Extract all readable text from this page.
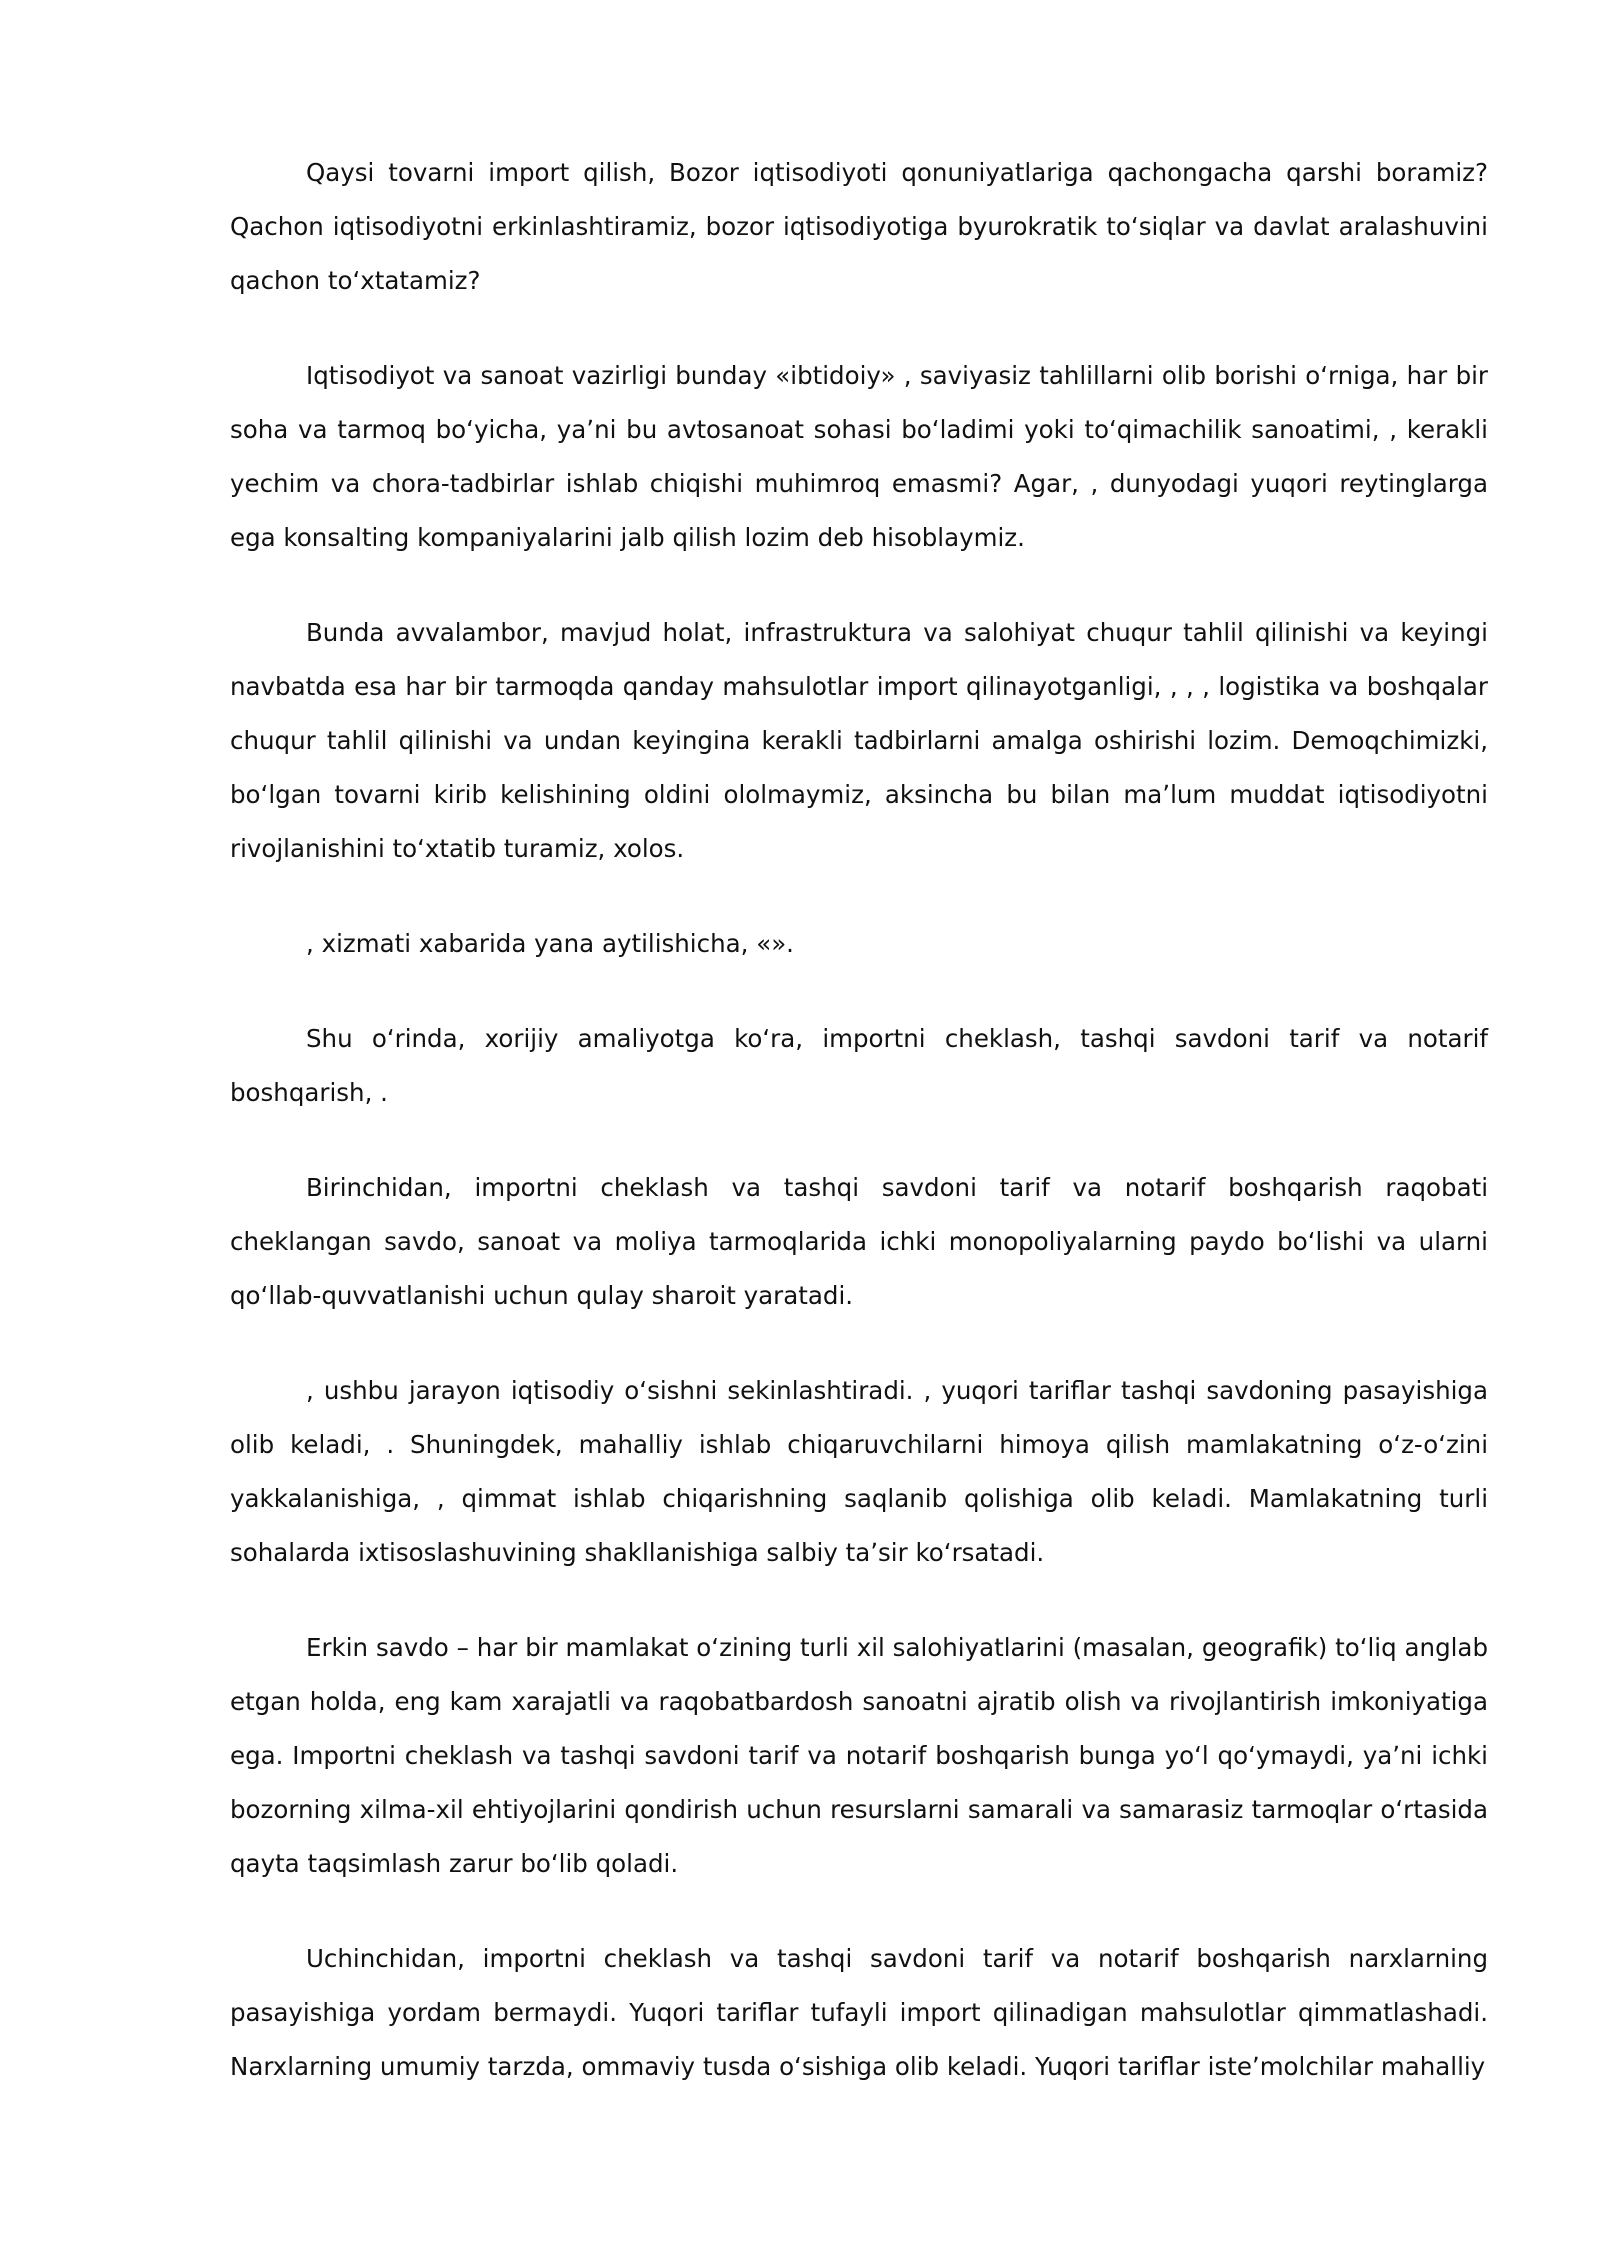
Qaysi tovarni import qilish, Bozor iqtisodiyoti qonuniyatlariga qachongacha qarshi boramiz? Qachon iqtisodiyotni erkinlashtiramiz, bozor iqtisodiyotiga byurokratik toʻsiqlar va davlat aralashuvini qachon toʻxtatamiz?

Iqtisodiyot va sanoat vazirligi bunday «ibtidoiy» , saviyasiz tahlillarni olib borishi oʻrniga, har bir soha va tarmoq boʻyicha, yaʼni bu avtosanoat sohasi boʻladimi yoki toʻqimachilik sanoatimi, , kerakli yechim va chora-tadbirlar ishlab chiqishi muhimroq emasmi? Agar, , dunyodagi yuqori reytinglarga ega konsalting kompaniyalarini jalb qilish lozim deb hisoblaymiz.

Bunda avvalambor, mavjud holat, infrastruktura va salohiyat chuqur tahlil qilinishi va keyingi navbatda esa har bir tarmoqda qanday mahsulotlar import qilinayotganligi, , , , logistika va boshqalar chuqur tahlil qilinishi va undan keyingina kerakli tadbirlarni amalga oshirishi lozim. Demoqchimizki, boʻlgan tovarni kirib kelishining oldini ololmaymiz, aksincha bu bilan maʼlum muddat iqtisodiyotni rivojlanishini toʻxtatib turamiz, xolos.

, xizmati xabarida yana aytilishicha, «».

Shu oʻrinda, xorijiy amaliyotga koʻra, importni cheklash, tashqi savdoni tarif va notarif boshqarish, .

Birinchidan, importni cheklash va tashqi savdoni tarif va notarif boshqarish raqobati cheklangan savdo, sanoat va moliya tarmoqlarida ichki monopoliyalarning paydo boʻlishi va ularni qoʻllab-quvvatlanishi uchun qulay sharoit yaratadi.

, ushbu jarayon iqtisodiy oʻsishni sekinlashtiradi. , yuqori tariflar tashqi savdoning pasayishiga olib keladi, . Shuningdek, mahalliy ishlab chiqaruvchilarni himoya qilish mamlakatning oʻz-oʻzini yakkalanishiga, , qimmat ishlab chiqarishning saqlanib qolishiga olib keladi. Mamlakatning turli sohalarda ixtisoslashuvining shakllanishiga salbiy taʼsir koʻrsatadi.

Erkin savdo – har bir mamlakat oʻzining turli xil salohiyatlarini (masalan, geografik) toʻliq anglab etgan holda, eng kam xarajatli va raqobatbardosh sanoatni ajratib olish va rivojlantirish imkoniyatiga ega. Importni cheklash va tashqi savdoni tarif va notarif boshqarish bunga yoʻl qoʻymaydi, yaʼni ichki bozorning xilma-xil ehtiyojlarini qondirish uchun resurslarni samarali va samarasiz tarmoqlar oʻrtasida qayta taqsimlash zarur boʻlib qoladi.

Uchinchidan, importni cheklash va tashqi savdoni tarif va notarif boshqarish narxlarning pasayishiga yordam bermaydi. Yuqori tariflar tufayli import qilinadigan mahsulotlar qimmatlashadi. Narxlarning umumiy tarzda, ommaviy tusda oʻsishiga olib keladi. Yuqori tariflar isteʼmolchilar mahalliy
